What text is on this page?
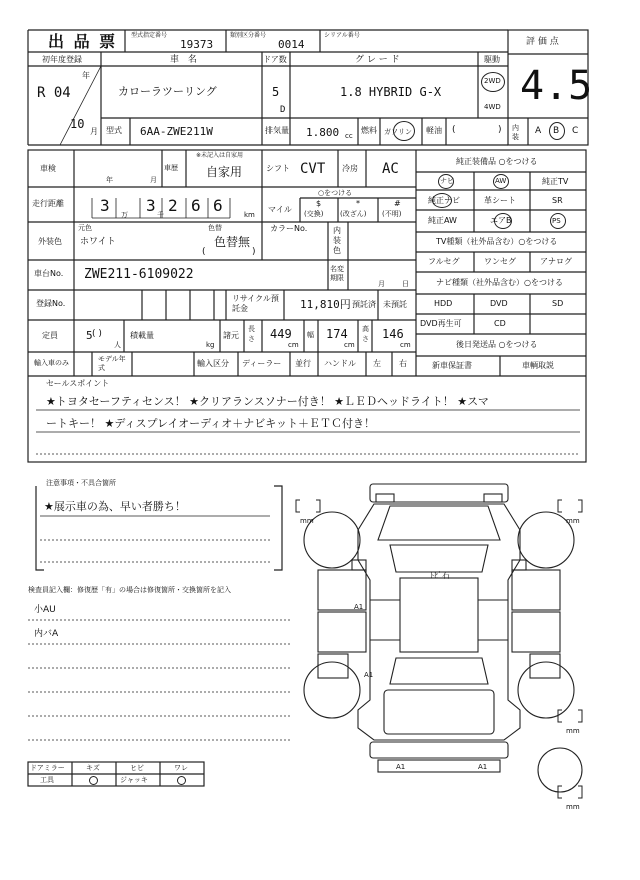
出 品 票 型式指定番号
19373
類別区分番号
0014
シリアル番号
評 価 点
4.5
初年度登録
R 04
年
10
月
車 名
カローラツーリング
ドア数
5
D
グ レ ー ド
1.8 HYBRID G-X
駆動
2WD
4WD
型式 6AA-ZWE211W	排気量 1.800 cc
燃料 ガソリン 軽油 (	) 内装
A B C
車検
年	月
車歴
※未記入は自家用
自家用	シフト CVT 冷房 AC
走行距離 3 3 2 6 6
万	千	km
マイル
○をつける
$
(交換)
*
(改ざん)
#
(不明)
外装色
元色
ホワイト
色替
色替無
(	)
カラーNo.	内装色
車台No. ZWE211-6109022	名変期限
月 日
登録No.
リサイクル預託金	11,810円 預託済 未預託
定員	5 ( )
人
積載量
kg
諸元
長さ 449
cm
幅 174
cm
高さ 146
cm
輸入車のみ	モデル年式	輸入区分 ディーラー 並行 ハンドル 左 右
純正装備品 ○をつける
ナビ	AW	純正TV
純正ナビ	革シート	SR
純正AW	エアB	PS
TV種類（社外品含む）○をつける
フルセグ	ワンセグ	アナログ
ナビ種類（社外品含む）○をつける
HDD	DVD	SD
DVD再生可	CD
後日発送品 ○をつける
新車保証書	車輌取説
セールスポイント
★トヨタセーフティセンス！ ★クリアランスソナー付き！ ★ＬＥＤヘッドライト！ ★スマ
ートキー！ ★ディスプレイオーディオ＋ナビキット＋ＥＴＣ付き！
注意事項・不具合箇所
★展示車の為、早い者勝ち！
検査員記入欄：修復歴「有」の場合は修復箇所・交換箇所を記入
小AU
内バA
ﾄﾋﾞ石
A1
A1
A1	A1
mm	mm
mm
mm
ドアミラー	キズ	ヒビ	ワレ
工具	ジャッキ
